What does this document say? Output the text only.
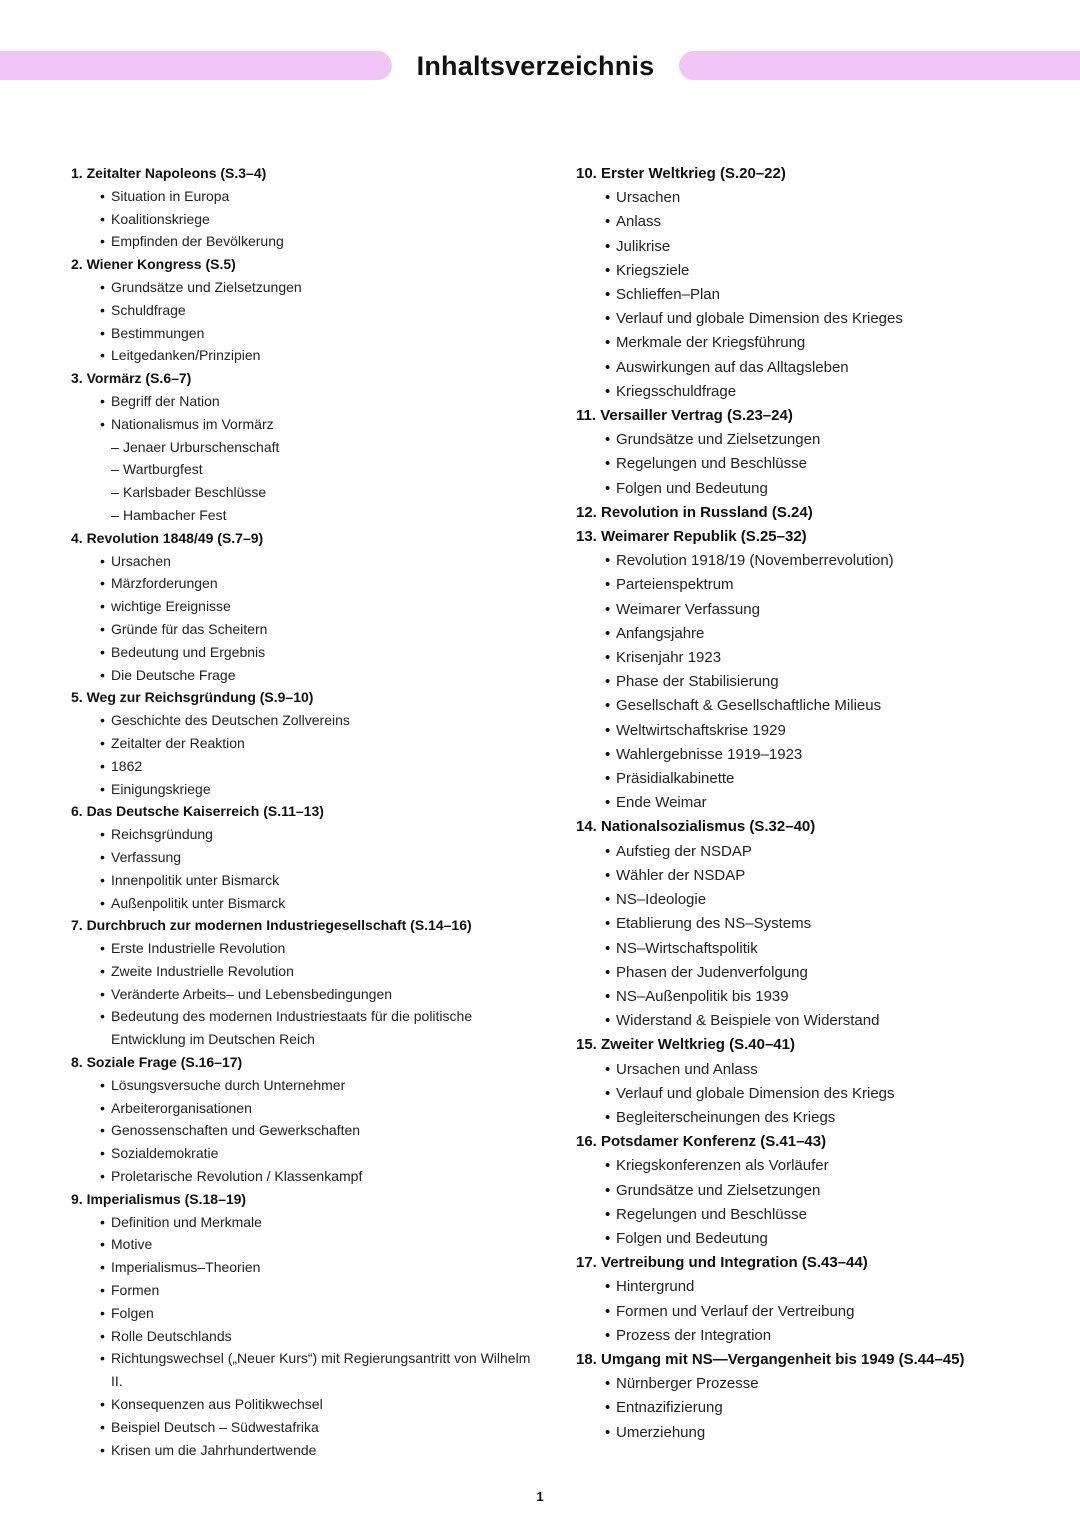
Inhaltsverzeichnis
1. Zeitalter Napoleons (S.3–4)
• Situation in Europa
• Koalitionskriege
• Empfinden der Bevölkerung
2. Wiener Kongress (S.5)
• Grundsätze und Zielsetzungen
• Schuldfrage
• Bestimmungen
• Leitgedanken/Prinzipien
3. Vormärz (S.6–7)
• Begriff der Nation
• Nationalismus im Vormärz
– Jenaer Urburschenschaft
– Wartburgfest
– Karlsbader Beschlüsse
– Hambacher Fest
4. Revolution 1848/49 (S.7–9)
• Ursachen
• Märzforderungen
• wichtige Ereignisse
• Gründe für das Scheitern
• Bedeutung und Ergebnis
• Die Deutsche Frage
5. Weg zur Reichsgründung (S.9–10)
• Geschichte des Deutschen Zollvereins
• Zeitalter der Reaktion
• 1862
• Einigungskriege
6. Das Deutsche Kaiserreich (S.11–13)
• Reichsgründung
• Verfassung
• Innenpolitik unter Bismarck
• Außenpolitik unter Bismarck
7. Durchbruch zur modernen Industriegesellschaft (S.14–16)
• Erste Industrielle Revolution
• Zweite Industrielle Revolution
• Veränderte Arbeits– und Lebensbedingungen
• Bedeutung des modernen Industriestaats für die politische Entwicklung im Deutschen Reich
8. Soziale Frage (S.16–17)
• Lösungsversuche durch Unternehmer
• Arbeiterorganisationen
• Genossenschaften und Gewerkschaften
• Sozialdemokratie
• Proletarische Revolution / Klassenkampf
9. Imperialismus (S.18–19)
• Definition und Merkmale
• Motive
• Imperialismus–Theorien
• Formen
• Folgen
• Rolle Deutschlands
• Richtungswechsel („Neuer Kurs“) mit Regierungsantritt von Wilhelm II.
• Konsequenzen aus Politikwechsel
• Beispiel Deutsch – Südwestafrika
• Krisen um die Jahrhundertwende
10. Erster Weltkrieg (S.20–22)
• Ursachen
• Anlass
• Julikrise
• Kriegsziele
• Schlieffen–Plan
• Verlauf und globale Dimension des Krieges
• Merkmale der Kriegsführung
• Auswirkungen auf das Alltagsleben
• Kriegsschuldfrage
11. Versailler Vertrag (S.23–24)
• Grundsätze und Zielsetzungen
• Regelungen und Beschlüsse
• Folgen und Bedeutung
12. Revolution in Russland (S.24)
13. Weimarer Republik (S.25–32)
• Revolution 1918/19 (Novemberrevolution)
• Parteienspektrum
• Weimarer Verfassung
• Anfangsjahre
• Krisenjahr 1923
• Phase der Stabilisierung
• Gesellschaft & Gesellschaftliche Milieus
• Weltwirtschaftskrise 1929
• Wahlergebnisse 1919–1923
• Präsidialkabinette
• Ende Weimar
14. Nationalsozialismus (S.32–40)
• Aufstieg der NSDAP
• Wähler der NSDAP
• NS–Ideologie
• Etablierung des NS–Systems
• NS–Wirtschaftspolitik
• Phasen der Judenverfolgung
• NS–Außenpolitik bis 1939
• Widerstand & Beispiele von Widerstand
15. Zweiter Weltkrieg (S.40–41)
• Ursachen und Anlass
• Verlauf und globale Dimension des Kriegs
• Begleiterscheinungen des Kriegs
16. Potsdamer Konferenz (S.41–43)
• Kriegskonferenzen als Vorläufer
• Grundsätze und Zielsetzungen
• Regelungen und Beschlüsse
• Folgen und Bedeutung
17. Vertreibung und Integration (S.43–44)
• Hintergrund
• Formen und Verlauf der Vertreibung
• Prozess der Integration
18. Umgang mit NS—Vergangenheit bis 1949 (S.44–45)
• Nürnberger Prozesse
• Entnazifizierung
• Umerziehung
1
